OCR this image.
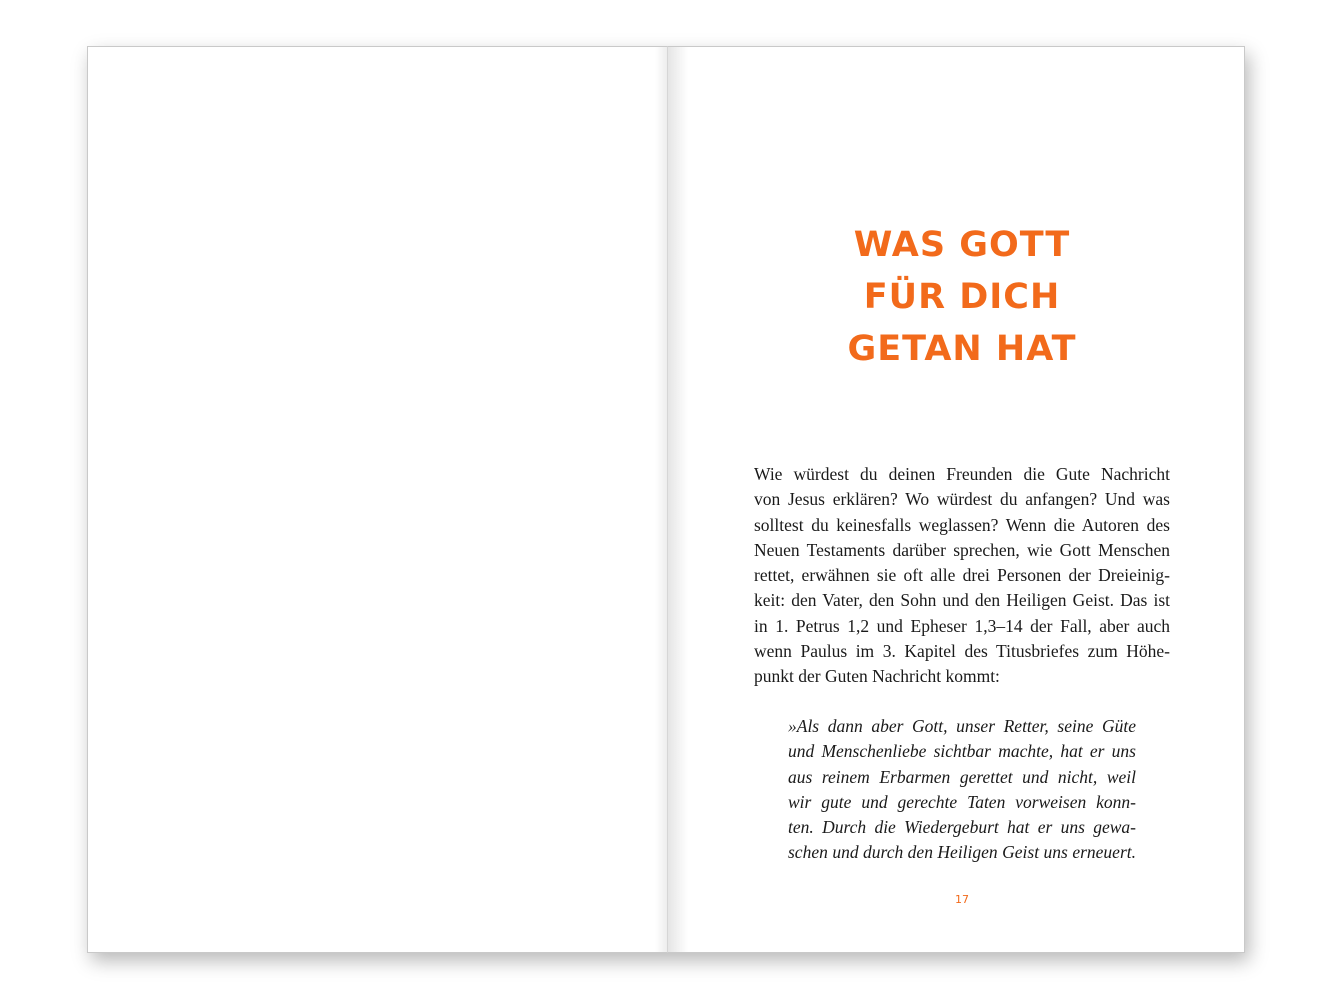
WAS GOTT
FÜR DICH
GETAN HAT
Wie würdest du deinen Freunden die Gute Nachricht
von Jesus erklären? Wo würdest du anfangen? Und was
solltest du keinesfalls weglassen? Wenn die Autoren des
Neuen Testaments darüber sprechen, wie Gott Menschen
rettet, erwähnen sie oft alle drei Personen der Dreieinig-
keit: den Vater, den Sohn und den Heiligen Geist. Das ist
in 1. Petrus 1,2 und Epheser 1,3–14 der Fall, aber auch
wenn Paulus im 3. Kapitel des Titusbriefes zum Höhe-
punkt der Guten Nachricht kommt:
»Als dann aber Gott, unser Retter, seine Güte
und Menschenliebe sichtbar machte, hat er uns
aus reinem Erbarmen gerettet und nicht, weil
wir gute und gerechte Taten vorweisen konn-
ten. Durch die Wiedergeburt hat er uns gewa-
schen und durch den Heiligen Geist uns erneuert.
17
